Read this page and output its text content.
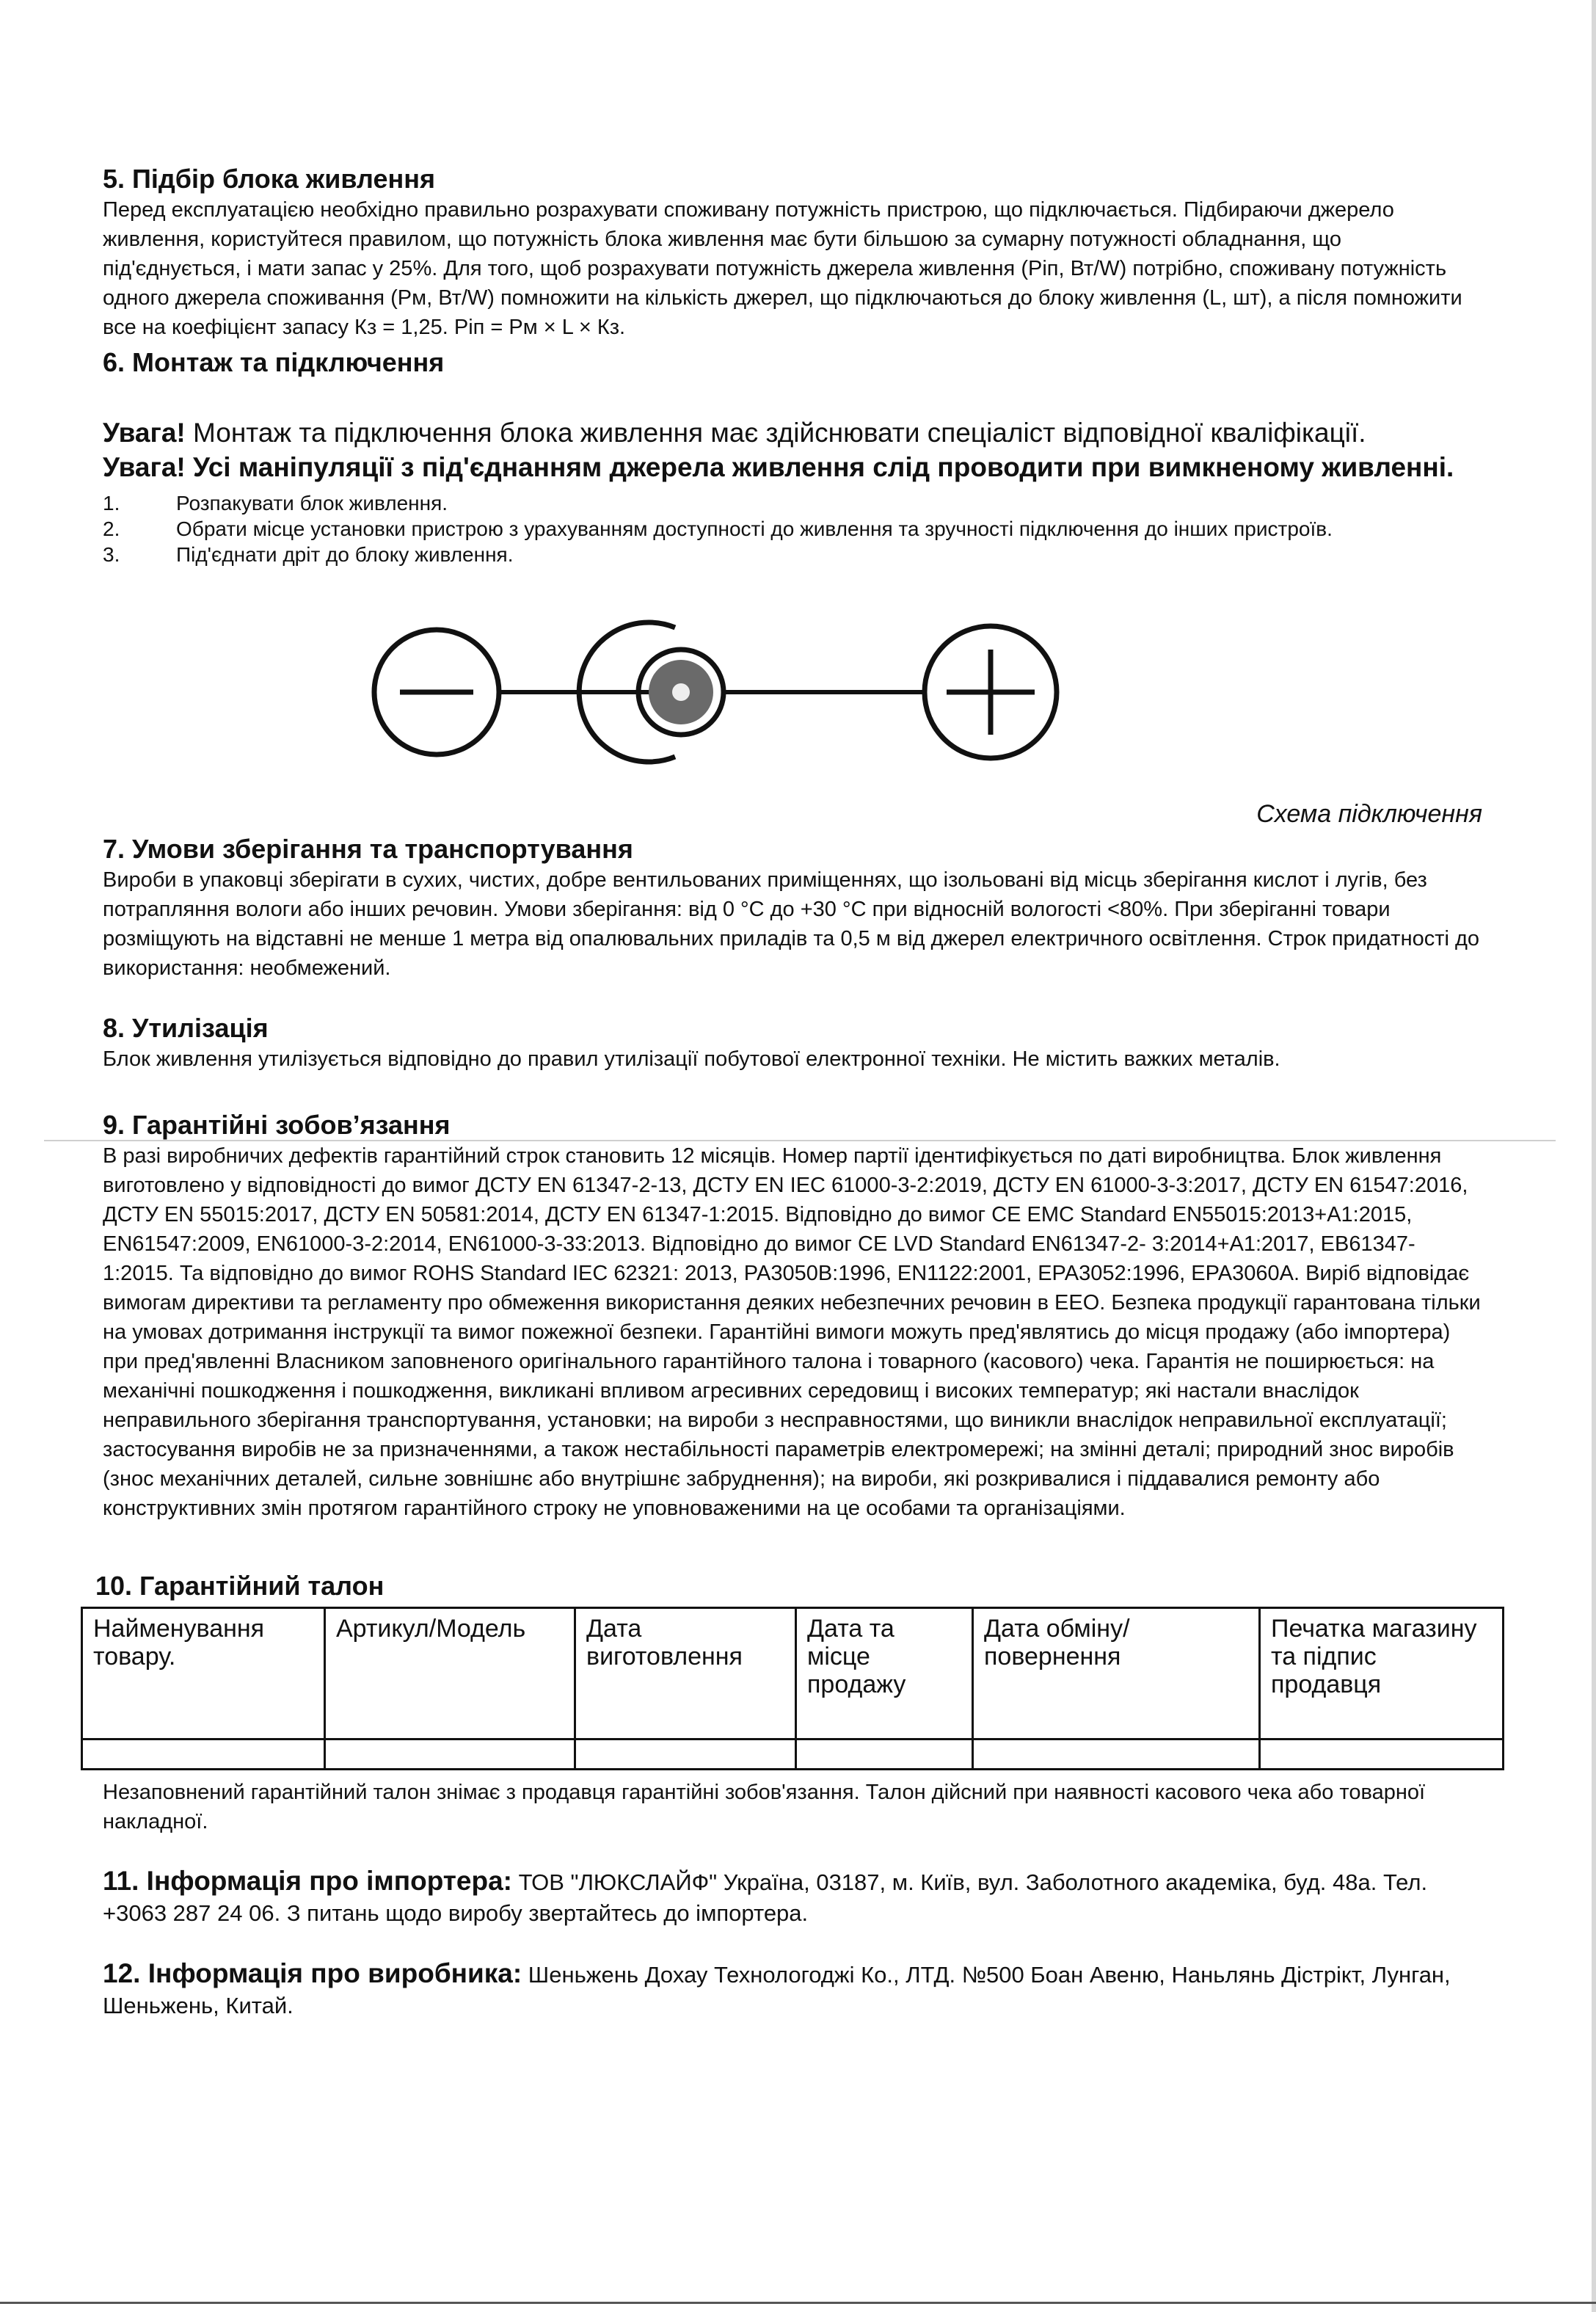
5. Підбір блока живлення

Перед експлуатацією необхідно правильно розрахувати споживану потужність пристрою, що підключається. Підбираючи джерело живлення, користуйтеся правилом, що потужність блока живлення має бути більшою за сумарну потужності обладнання, що під'єднується, і мати запас у 25%. Для того, щоб розрахувати потужність джерела живлення (Pіп, Вт/W) потрібно, споживану потужність одного джерела споживання (Pм, Вт/W) помножити на кількість джерел, що підключаються до блоку живлення (L, шт), а після помножити все на коефіцієнт запасу Кз = 1,25. Pіп = Pм × L × Кз.

6. Монтаж та підключення
Увага! Монтаж та підключення блока живлення має здійснювати спеціаліст відповідної кваліфікації.
Увага! Усі маніпуляції з під'єднанням джерела живлення слід проводити при вимкненому живленні.
1.	Розпакувати блок живлення.
2.	Обрати місце установки пристрою з урахуванням доступності до живлення та зручності підключення до інших пристроїв.
3.	Під'єднати дріт до блоку живлення.
Схема підключення
7. Умови зберігання та транспортування

Вироби в упаковці зберігати в сухих, чистих, добре вентильованих приміщеннях, що ізольовані від місць зберігання кислот і лугів, без потрапляння вологи або інших речовин. Умови зберігання: від 0 °С до +30 °С при відносній вологості <80%. При зберіганні товари розміщують на відставні не менше 1 метра від опалювальних приладів та 0,5 м від джерел електричного освітлення. Строк придатності до використання: необмежений.

8. Утилізація

Блок живлення утилізується відповідно до правил утилізації побутової електронної техніки. Не містить важких металів.

9. Гарантійні зобов’язання

В разі виробничих дефектів гарантійний строк становить 12 місяців. Номер партії ідентифікується по даті виробництва. Блок живлення виготовлено у відповідності до вимог ДСТУ EN 61347-2-13, ДСТУ EN IEC 61000-3-2:2019, ДСТУ EN 61000-3-3:2017, ДСТУ EN 61547:2016, ДСТУ EN 55015:2017, ДСТУ EN 50581:2014, ДСТУ EN 61347-1:2015. Відповідно до вимог CE EMC Standard EN55015:2013+A1:2015, EN61547:2009, EN61000-3-2:2014, EN61000-3-33:2013. Відповідно до вимог CE LVD Standard EN61347-2- 3:2014+A1:2017, EB61347-1:2015. Та відповідно до вимог ROHS Standard IEC 62321: 2013, PA3050B:1996, EN1122:2001, EPA3052:1996, EPA3060A. Виріб відповідає вимогам директиви та регламенту про обмеження використання деяких небезпечних речовин в ЕЕО. Безпека продукції гарантована тільки на умовах дотримання інструкції та вимог пожежної безпеки. Гарантійні вимоги можуть пред'являтись до місця продажу (або імпортера) при пред'явленні Власником заповненого оригінального гарантійного талона і товарного (касового) чека. Гарантія не поширюється: на механічні пошкодження і пошкодження, викликані впливом агресивних середовищ і високих температур; які настали внаслідок неправильного зберігання транспортування, установки; на вироби з несправностями, що виникли внаслідок неправильної експлуатації; застосування виробів не за призначеннями, а також нестабільності параметрів електромережі; на змінні деталі; природний знос виробів (знос механічних деталей, сильне зовнішнє або внутрішнє забруднення); на вироби, які розкривалися і піддавалися ремонту або конструктивних змін протягом гарантійного строку не уповноваженими на це особами та організаціями.

10. Гарантійний талон
Найменування товару.	Артикул/Модель	Дата виготовлення	Дата та місце продажу	Дата обміну/повернення	Печатка магазину та підпис продавця

Незаповнений гарантійний талон знімає з продавця гарантійні зобов'язання. Талон дійсний при наявності касового чека або товарної накладної.

11. Інформація про імпортера: ТОВ "ЛЮКСЛАЙФ" Україна, 03187, м. Київ, вул. Заболотного академіка, буд. 48а. Тел. +3063 287 24 06. З питань щодо виробу звертайтесь до імпортера.
12. Інформація про виробника: Шеньжень Дохау Технологоджі Ко., ЛТД. №500 Боан Авеню, Наньлянь Дістрікт, Лунган, Шеньжень, Китай.
